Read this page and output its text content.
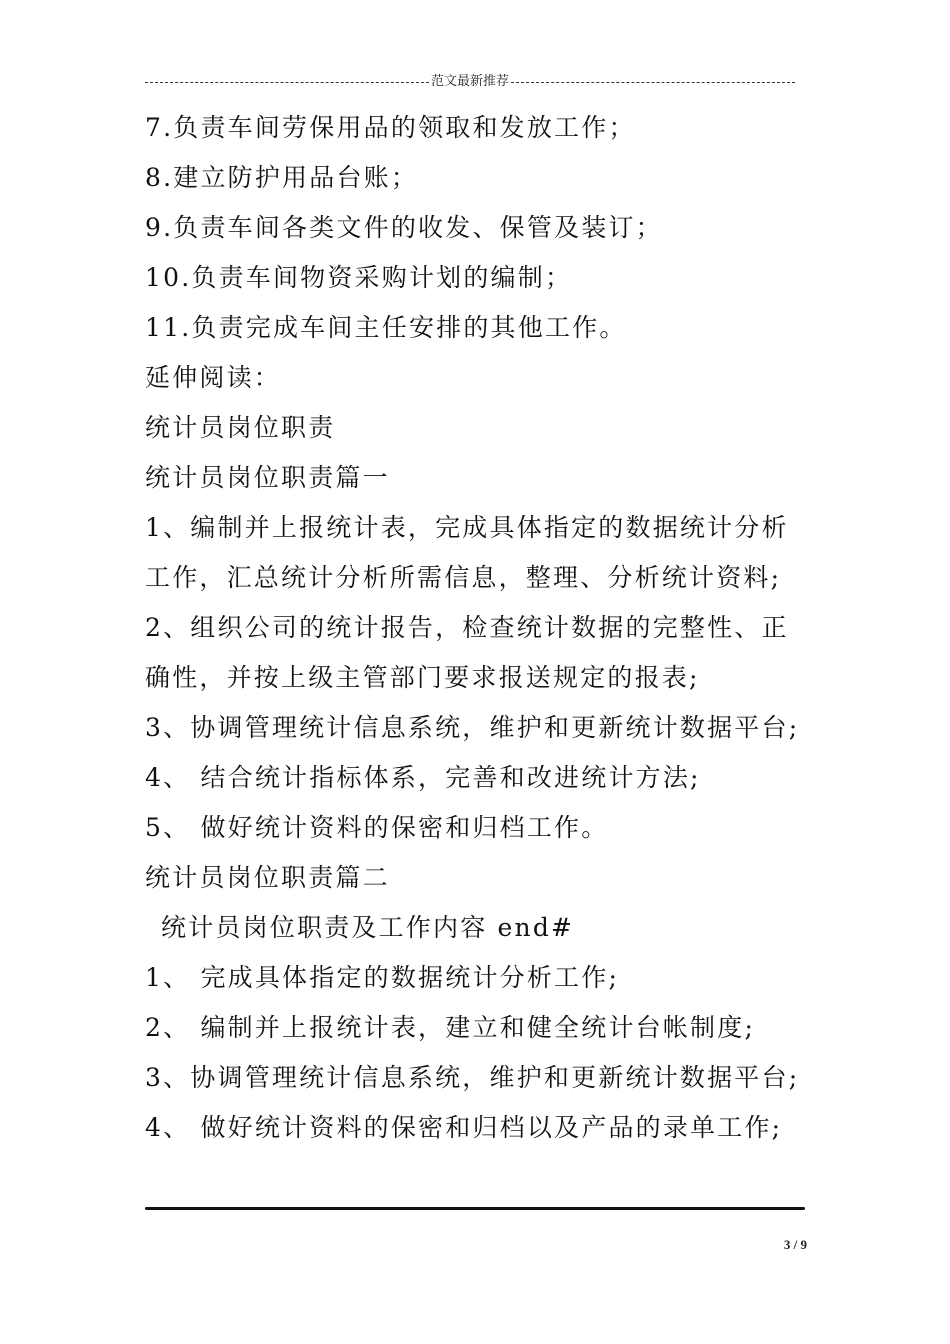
范文最新推荐
7.负责车间劳保用品的领取和发放工作；
8.建立防护用品台账；
9.负责车间各类文件的收发、保管及装订；
10.负责车间物资采购计划的编制；
11.负责完成车间主任安排的其他工作。
延伸阅读：
统计员岗位职责
统计员岗位职责篇一
1、编制并上报统计表，完成具体指定的数据统计分析
工作，汇总统计分析所需信息，整理、分析统计资料;
2、组织公司的统计报告，检查统计数据的完整性、正
确性，并按上级主管部门要求报送规定的报表;
3、协调管理统计信息系统，维护和更新统计数据平台;
4、 结合统计指标体系，完善和改进统计方法;
5、 做好统计资料的保密和归档工作。
统计员岗位职责篇二
统计员岗位职责及工作内容 end#
1、 完成具体指定的数据统计分析工作;
2、 编制并上报统计表，建立和健全统计台帐制度;
3、协调管理统计信息系统，维护和更新统计数据平台;
4、 做好统计资料的保密和归档以及产品的录单工作;
3 / 9
